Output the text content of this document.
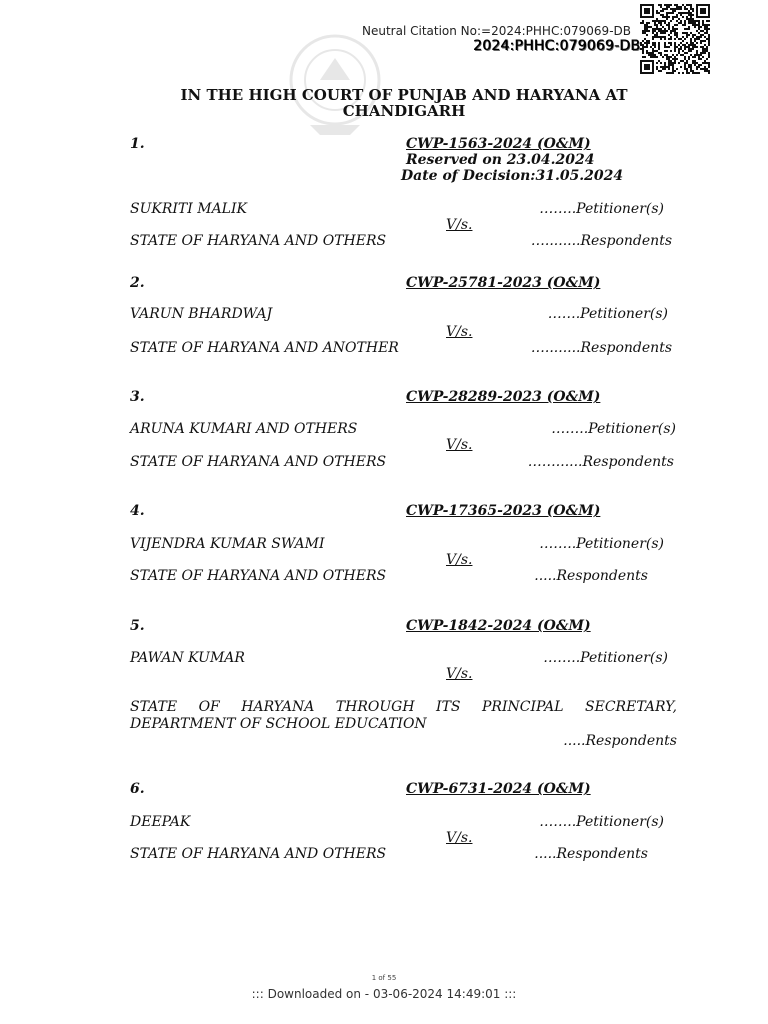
Neutral Citation No:=2024:PHHC:079069-DB
2024:PHHC:079069-DB
IN THE HIGH COURT OF PUNJAB AND HARYANA AT
CHANDIGARH
1.	CWP-1563-2024 (O&M)
Reserved on 23.04.2024
Date of Decision:31.05.2024
SUKRITI MALIK	……..Petitioner(s)
V/s.
STATE OF HARYANA AND OTHERS	…........Respondents
2.	CWP-25781-2023 (O&M)
VARUN BHARDWAJ	…….Petitioner(s)
V/s.
STATE OF HARYANA AND ANOTHER	…........Respondents
3.	CWP-28289-2023 (O&M)
ARUNA KUMARI AND OTHERS	……..Petitioner(s)
V/s.
STATE OF HARYANA AND OTHERS	……......Respondents
4.	CWP-17365-2023 (O&M)
VIJENDRA KUMAR SWAMI	……..Petitioner(s)
V/s.
STATE OF HARYANA AND OTHERS	.....Respondents
5.	CWP-1842-2024 (O&M)
PAWAN KUMAR	……..Petitioner(s)
V/s.
STATE OF HARYANA THROUGH ITS PRINCIPAL SECRETARY,
DEPARTMENT OF SCHOOL EDUCATION
.....Respondents
6.	CWP-6731-2024 (O&M)
DEEPAK	……..Petitioner(s)
V/s.
STATE OF HARYANA AND OTHERS	.....Respondents
1 of 55
::: Downloaded on - 03-06-2024 14:49:01 :::
